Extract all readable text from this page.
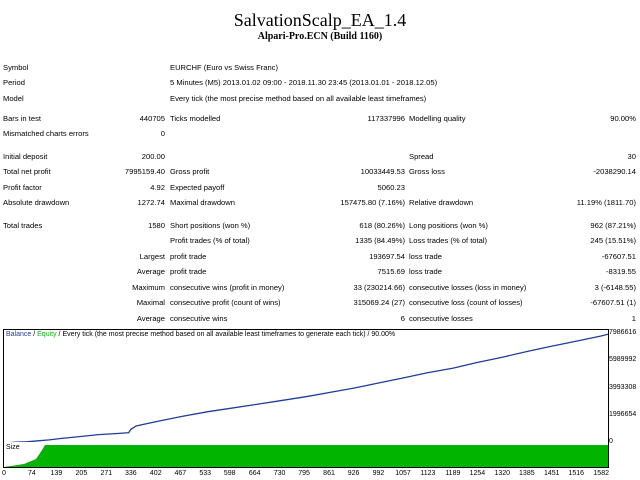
SalvationScalp_EA_1.4
Alpari-Pro.ECN (Build 1160)
Symbol	EURCHF (Euro vs Swiss Franc)
Period	5 Minutes (M5) 2013.01.02 09:00 - 2018.11.30 23:45 (2013.01.01 - 2018.12.05)
Model	Every tick (the most precise method based on all available least timeframes)
Bars in test	440705 Ticks modelled	117337996 Modelling quality	90.00%
Mismatched charts errors	0
Initial deposit	200.00	Spread	30
Total net profit	7995159.40 Gross profit	10033449.53 Gross loss	-2038290.14
Profit factor	4.92 Expected payoff	5060.23
Absolute drawdown	1272.74 Maximal drawdown	157475.80 (7.16%) Relative drawdown	11.19% (1811.70)
Total trades	1580 Short positions (won %)	618 (80.26%) Long positions (won %)	962 (87.21%)
Profit trades (% of total)	1335 (84.49%) Loss trades (% of total)	245 (15.51%)
Largest profit trade	193697.54 loss trade	-67607.51
Average profit trade	7515.69 loss trade	-8319.55
Maximum consecutive wins (profit in money)	33 (230214.66) consecutive losses (loss in money)	3 (-6148.55)
Maximal consecutive profit (count of wins)	315069.24 (27) consecutive loss (count of losses)	-67607.51 (1)
Average consecutive wins	6 consecutive losses	1
Balance / Equity / Every tick (the most precise method based on all available least timeframes to generate each tick) / 90.00%	7986616
5989992
3993308
1996654
0
Size
0	74 139 205 271 336 402 467 533 598 664 730 795 861 926 992 1057 1123 1189 1254 1320 1385 1451 1516 1582
